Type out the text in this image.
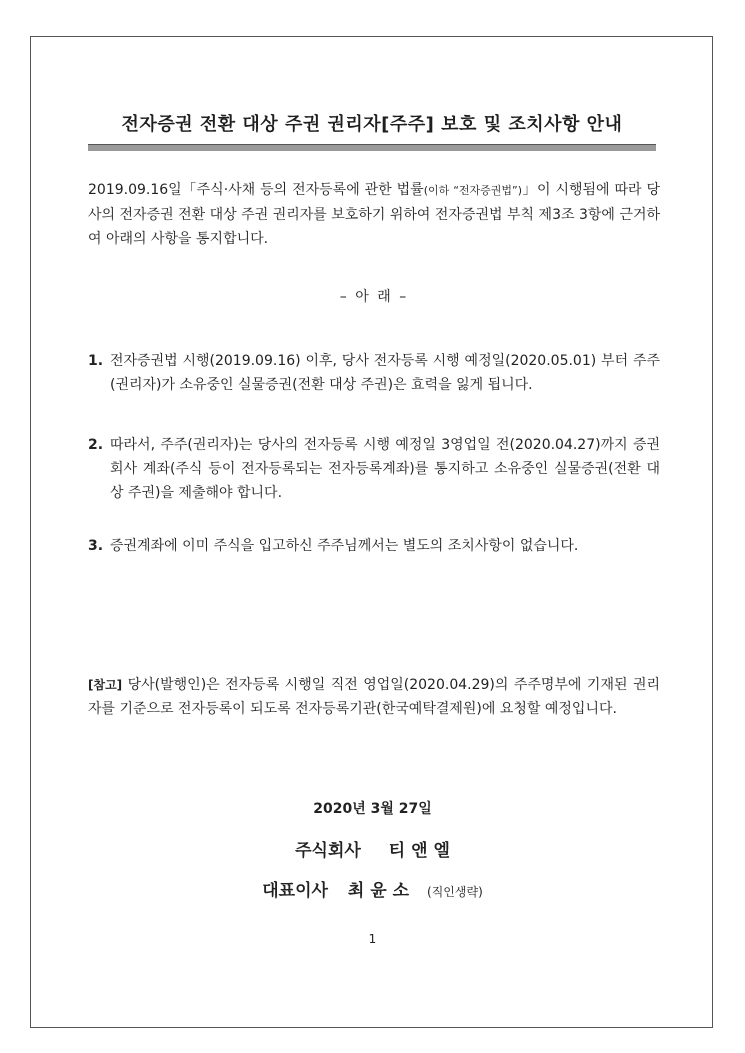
전자증권 전환 대상 주권 권리자[주주] 보호 및 조치사항 안내

2019.09.16일「주식·사채 등의 전자등록에 관한 법률(이하 “전자증권법”)」이 시행됨에 따라 당사의 전자증권 전환 대상 주권 권리자를 보호하기 위하여 전자증권법 부칙 제3조 3항에 근거하여 아래의 사항을 통지합니다.

– 아 래 –
1. 전자증권법 시행(2019.09.16) 이후, 당사 전자등록 시행 예정일(2020.05.01) 부터 주주(권리자)가 소유중인 실물증권(전환 대상 주권)은 효력을 잃게 됩니다.
2. 따라서, 주주(권리자)는 당사의 전자등록 시행 예정일 3영업일 전(2020.04.27)까지 증권회사 계좌(주식 등이 전자등록되는 전자등록계좌)를 통지하고 소유중인 실물증권(전환 대상 주권)을 제출해야 합니다.
3. 증권계좌에 이미 주식을 입고하신 주주님께서는 별도의 조치사항이 없습니다.

[참고] 당사(발행인)은 전자등록 시행일 직전 영업일(2020.04.29)의 주주명부에 기재된 권리자를 기준으로 전자등록이 되도록 전자등록기관(한국예탁결제원)에 요청할 예정입니다.

2020년 3월 27일
주식회사 티 앤 엘
대표이사 최 윤 소 (직인생략)
1
